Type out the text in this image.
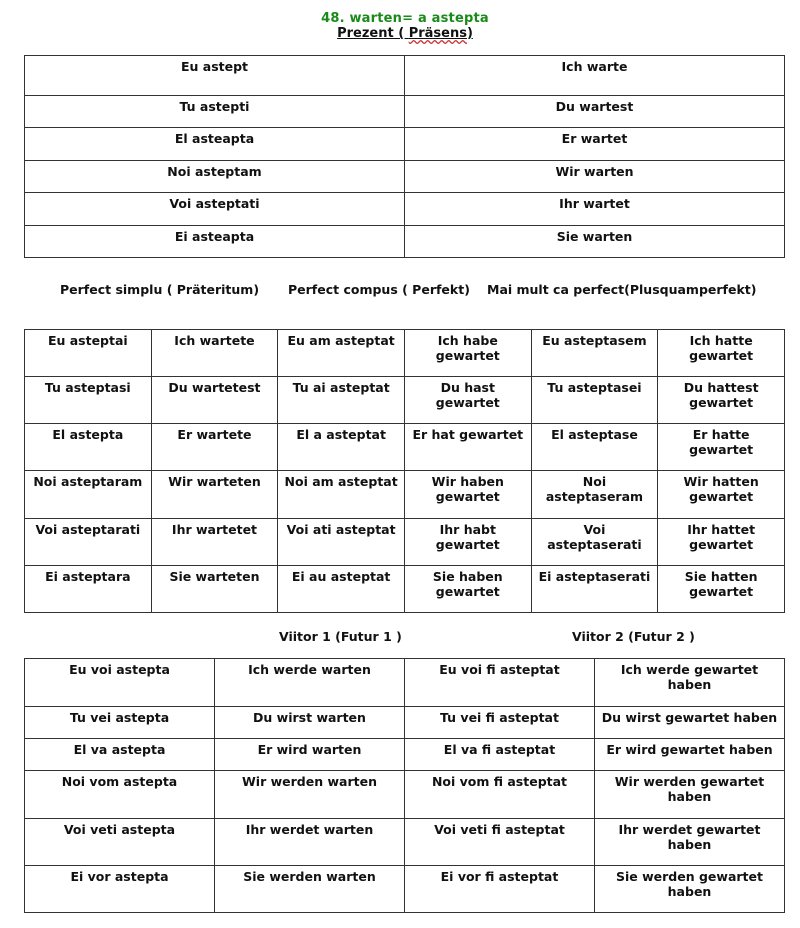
48. warten= a astepta
Prezent ( Präsens)
Eu astept	Ich warte
Tu astepti	Du wartest
El asteapta	Er wartet
Noi asteptam	Wir warten
Voi asteptati	Ihr wartet
Ei asteapta	Sie warten
Perfect simplu ( Präteritum) Perfect compus ( Perfekt) Mai mult ca perfect(Plusquamperfekt)
Eu asteptai	Ich wartete	Eu am asteptat	Ich habe gewartet	Eu asteptasem	Ich hatte gewartet
Tu asteptasi	Du wartetest	Tu ai asteptat	Du hast gewartet	Tu asteptasei	Du hattest gewartet
El astepta	Er wartete	El a asteptat	Er hat gewartet	El asteptase	Er hatte gewartet
Noi asteptaram	Wir warteten	Noi am asteptat	Wir haben gewartet	Noi asteptaseram	Wir hatten gewartet
Voi asteptarati	Ihr wartetet	Voi ati asteptat	Ihr habt gewartet	Voi asteptaserati	Ihr hattet gewartet
Ei asteptara	Sie warteten	Ei au asteptat	Sie haben gewartet	Ei asteptaserati	Sie hatten gewartet
Viitor 1 (Futur 1 )	Viitor 2 (Futur 2 )
Eu voi astepta	Ich werde warten	Eu voi fi asteptat	Ich werde gewartet haben
Tu vei astepta	Du wirst warten	Tu vei fi asteptat	Du wirst gewartet haben
El va astepta	Er wird warten	El va fi asteptat	Er wird gewartet haben
Noi vom astepta	Wir werden warten	Noi vom fi asteptat	Wir werden gewartet haben
Voi veti astepta	Ihr werdet warten	Voi veti fi asteptat	Ihr werdet gewartet haben
Ei vor astepta	Sie werden warten	Ei vor fi asteptat	Sie werden gewartet haben
